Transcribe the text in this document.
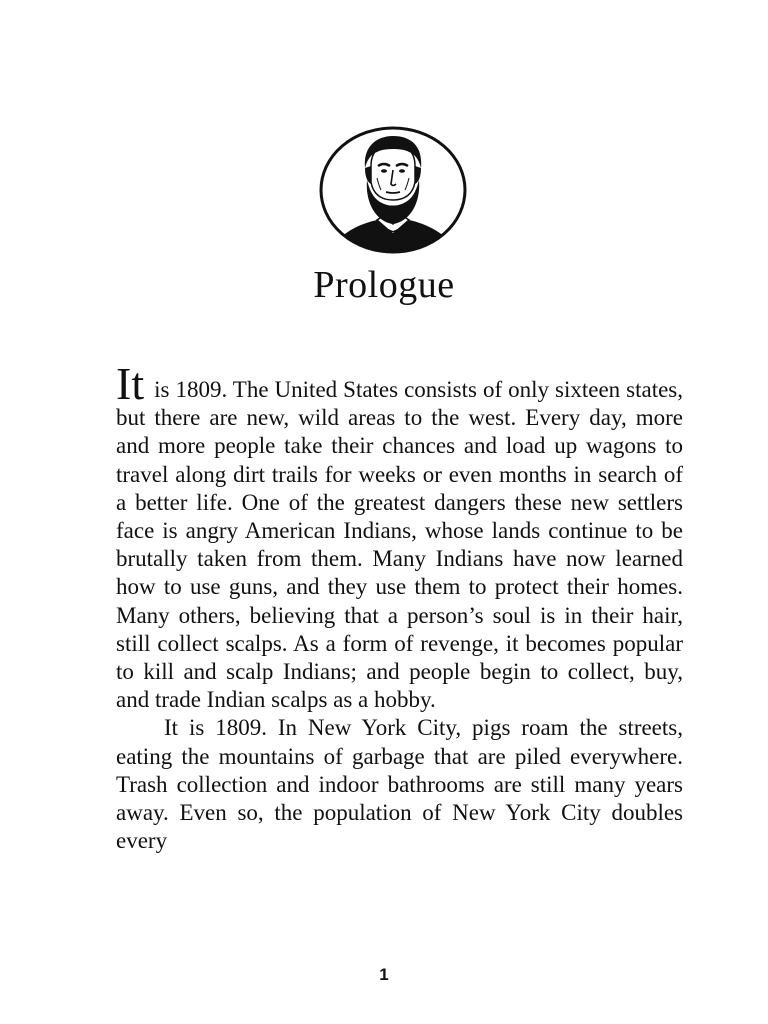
Prologue

It is 1809. The United States consists of only sixteen states, but there are new, wild areas to the west. Every day, more and more people take their chances and load up wagons to travel along dirt trails for weeks or even months in search of a better life. One of the greatest dangers these new settlers face is angry American Indians, whose lands continue to be brutally taken from them. Many Indians have now learned how to use guns, and they use them to protect their homes. Many others, believing that a person’s soul is in their hair, still collect scalps. As a form of revenge, it becomes popular to kill and scalp Indians; and people begin to collect, buy, and trade Indian scalps as a hobby.

It is 1809. In New York City, pigs roam the streets, eating the mountains of garbage that are piled everywhere. Trash collection and indoor bathrooms are still many years away. Even so, the population of New York City doubles every

1
